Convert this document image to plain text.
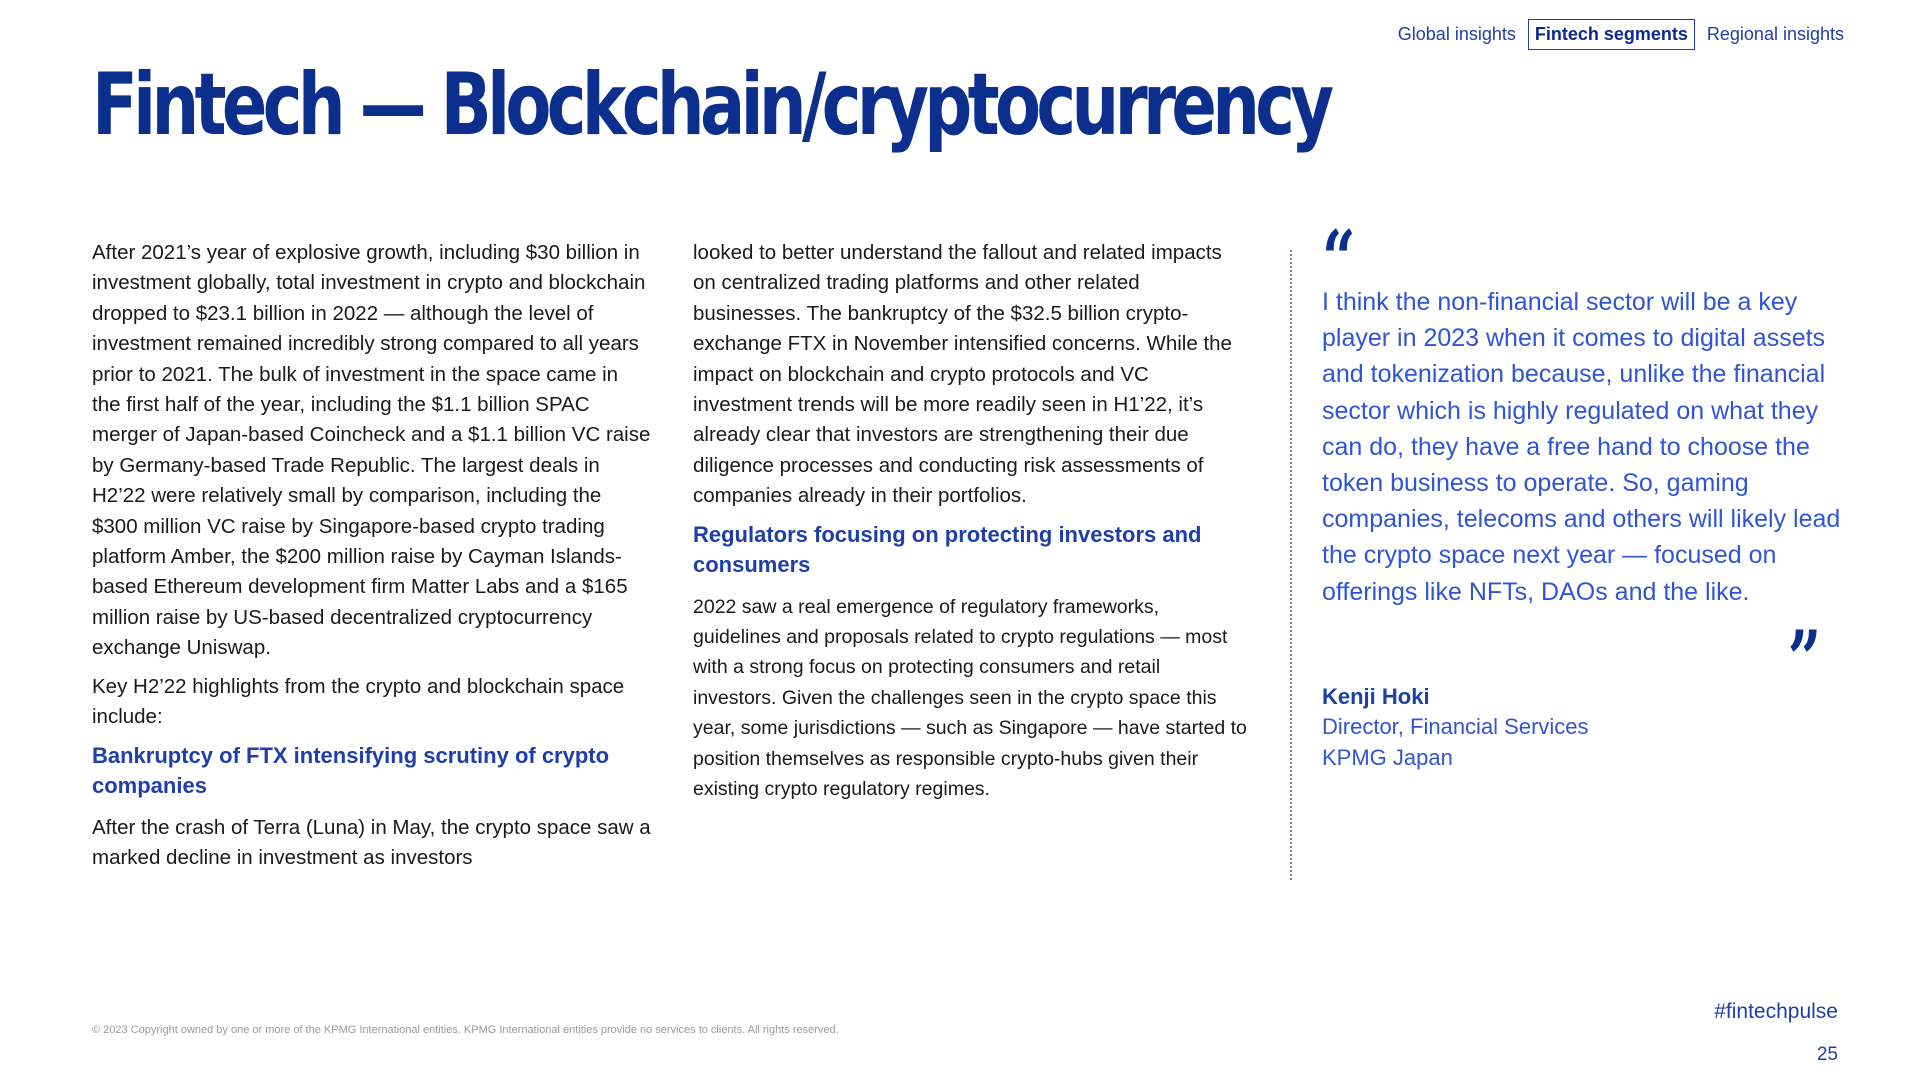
Global insights	Fintech segments	Regional insights
Fintech — Blockchain/cryptocurrency

After 2021’s year of explosive growth, including $30 billion in investment globally, total investment in crypto and blockchain dropped to $23.1 billion in 2022 — although the level of investment remained incredibly strong compared to all years prior to 2021. The bulk of investment in the space came in the first half of the year, including the $1.1 billion SPAC merger of Japan-based Coincheck and a $1.1 billion VC raise by Germany-based Trade Republic. The largest deals in H2’22 were relatively small by comparison, including the $300 million VC raise by Singapore-based crypto trading platform Amber, the $200 million raise by Cayman Islands-based Ethereum development firm Matter Labs and a $165 million raise by US-based decentralized cryptocurrency exchange Uniswap.

Key H2’22 highlights from the crypto and blockchain space include:

Bankruptcy of FTX intensifying scrutiny of crypto companies

After the crash of Terra (Luna) in May, the crypto space saw a marked decline in investment as investors

looked to better understand the fallout and related impacts on centralized trading platforms and other related businesses. The bankruptcy of the $32.5 billion crypto-exchange FTX in November intensified concerns. While the impact on blockchain and crypto protocols and VC investment trends will be more readily seen in H1’22, it’s already clear that investors are strengthening their due diligence processes and conducting risk assessments of companies already in their portfolios.

Regulators focusing on protecting investors and consumers

2022 saw a real emergence of regulatory frameworks, guidelines and proposals related to crypto regulations — most with a strong focus on protecting consumers and retail investors. Given the challenges seen in the crypto space this year, some jurisdictions — such as Singapore — have started to position themselves as responsible crypto-hubs given their existing crypto regulatory regimes.

“

I think the non-financial sector will be a key player in 2023 when it comes to digital assets and tokenization because, unlike the financial sector which is highly regulated on what they can do, they have a free hand to choose the token business to operate. So, gaming companies, telecoms and others will likely lead the crypto space next year — focused on offerings like NFTs, DAOs and the like.

”
Kenji Hoki
Director, Financial Services
KPMG Japan
© 2023 Copyright owned by one or more of the KPMG International entities. KPMG International entities provide no services to clients. All rights reserved.
#fintechpulse
25
